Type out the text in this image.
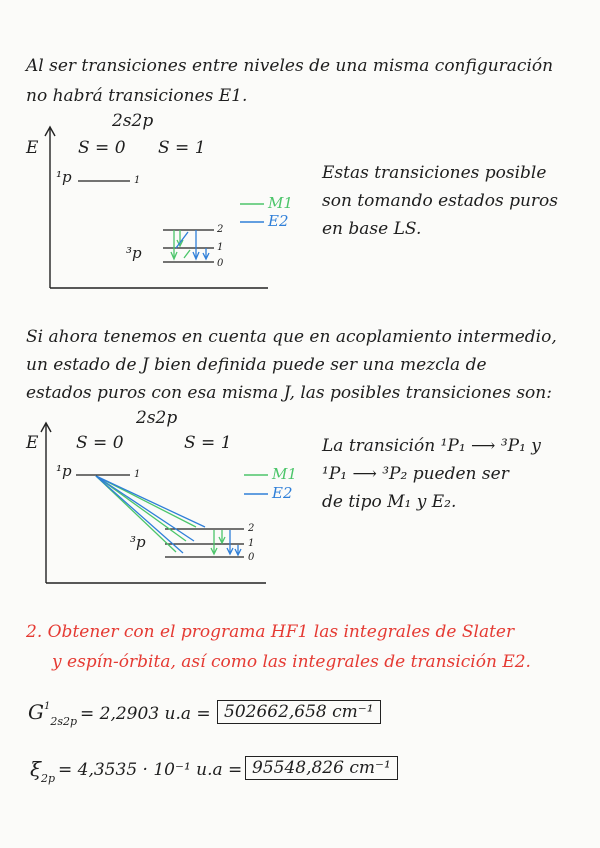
Al ser transiciones entre niveles de una misma configuración
no habrá transiciones E1.
2s2p
E S = 0 S = 1
¹p	1
³p
2
1
0
M1
E2
Estas transiciones posible
son tomando estados puros
en base LS.
Si ahora tenemos en cuenta que en acoplamiento intermedio,
un estado de J bien definida puede ser una mezcla de
estados puros con esa misma J, las posibles transiciones son:
2s2p
E S = 0	S = 1
¹p	1
³p
2
1
0
M1
E2
La transición ¹P₁ ⟶ ³P₁ y
¹P₁ ⟶ ³P₂ pueden ser
de tipo M₁ y E₂.
2. Obtener con el programa HF1 las integrales de Slater
y espín-órbita, así como las integrales de transición E2.
$G^1_{2s2p} = 2,2903$ u.a = 502662,658 cm⁻¹
$\xi_{2p} = 4,3535 \cdot 10^{-1}$ u.a = 95548,826 cm⁻¹
